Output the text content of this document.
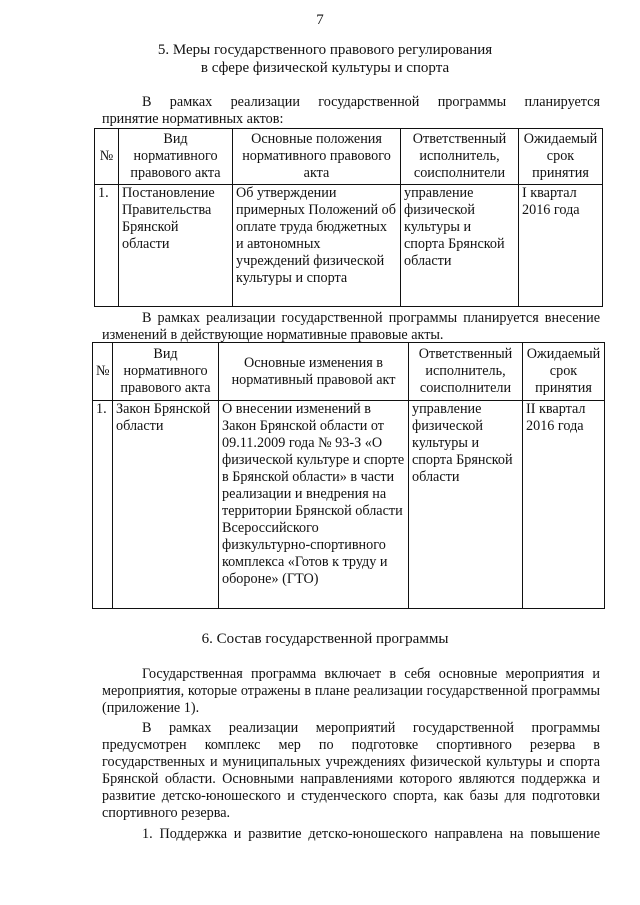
7
5. Меры государственного правового регулирования
в сфере физической культуры и спорта
В рамках реализации государственной программы планируется
принятие нормативных актов:
№	Вид нормативного правового акта	Основные положения нормативного правового акта	Ответственный исполнитель, соисполнители	Ожидаемый срок принятия
1.	Постановление Правительства Брянской области	Об утверждении примерных Положений об оплате труда бюджетных и автономных учреждений физической культуры и спорта	управление физической культуры и спорта Брянской области	I квартал 2016 года
В рамках реализации государственной программы планируется внесение
изменений в действующие нормативные правовые акты.
№	Вид нормативного правового акта	Основные изменения в нормативный правовой акт	Ответственный исполнитель, соисполнители	Ожидаемый срок принятия
1.	Закон Брянской области	О внесении изменений в Закон Брянской области от 09.11.2009 года № 93-З «О физической культуре и спорте в Брянской области» в части реализации и внедрения на территории Брянской области Всероссийского физкультурно-спортивного комплекса «Готов к труду и обороне» (ГТО)	управление физической культуры и спорта Брянской области	II квартал 2016 года
6. Состав государственной программы
Государственная программа включает в себя основные мероприятия и мероприятия, которые отражены в плане реализации государственной программы (приложение 1).
В рамках реализации мероприятий государственной программы предусмотрен комплекс мер по подготовке спортивного резерва в государственных и муниципальных учреждениях физической культуры и спорта Брянской области. Основными направлениями которого являются поддержка и развитие детско-юношеского и студенческого спорта, как базы для подготовки спортивного резерва.
1. Поддержка и развитие детско-юношеского направлена на повышение
